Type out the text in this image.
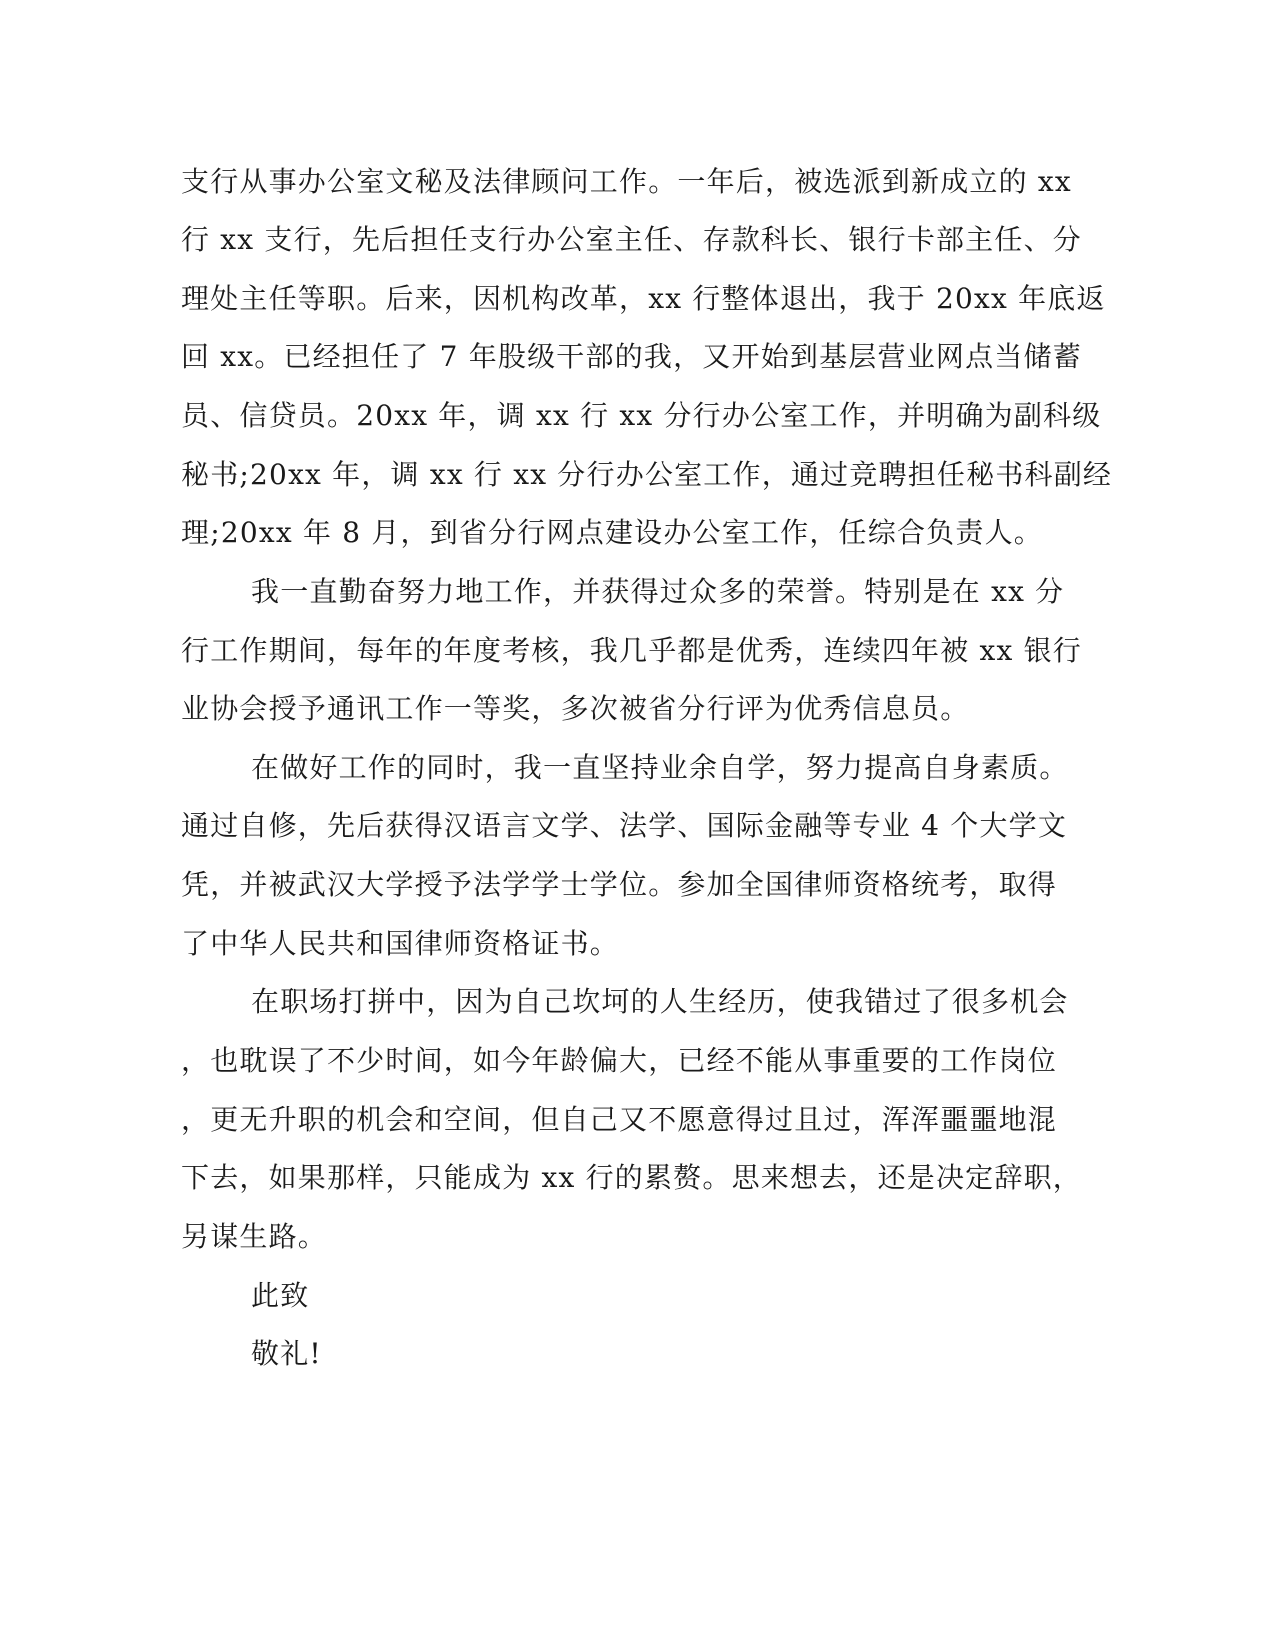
支行从事办公室文秘及法律顾问工作。一年后，被选派到新成立的 xx
行 xx 支行，先后担任支行办公室主任、存款科长、银行卡部主任、分
理处主任等职。后来，因机构改革，xx 行整体退出，我于 20xx 年底返
回 xx。已经担任了 7 年股级干部的我，又开始到基层营业网点当储蓄
员、信贷员。20xx 年，调 xx 行 xx 分行办公室工作，并明确为副科级
秘书;20xx 年，调 xx 行 xx 分行办公室工作，通过竞聘担任秘书科副经
理;20xx 年 8 月，到省分行网点建设办公室工作，任综合负责人。
我一直勤奋努力地工作，并获得过众多的荣誉。特别是在 xx 分
行工作期间，每年的年度考核，我几乎都是优秀，连续四年被 xx 银行
业协会授予通讯工作一等奖，多次被省分行评为优秀信息员。
在做好工作的同时，我一直坚持业余自学，努力提高自身素质。
通过自修，先后获得汉语言文学、法学、国际金融等专业 4 个大学文
凭，并被武汉大学授予法学学士学位。参加全国律师资格统考，取得
了中华人民共和国律师资格证书。
在职场打拼中，因为自己坎坷的人生经历，使我错过了很多机会
，也耽误了不少时间，如今年龄偏大，已经不能从事重要的工作岗位
，更无升职的机会和空间，但自己又不愿意得过且过，浑浑噩噩地混
下去，如果那样，只能成为 xx 行的累赘。思来想去，还是决定辞职，
另谋生路。
此致
敬礼!
